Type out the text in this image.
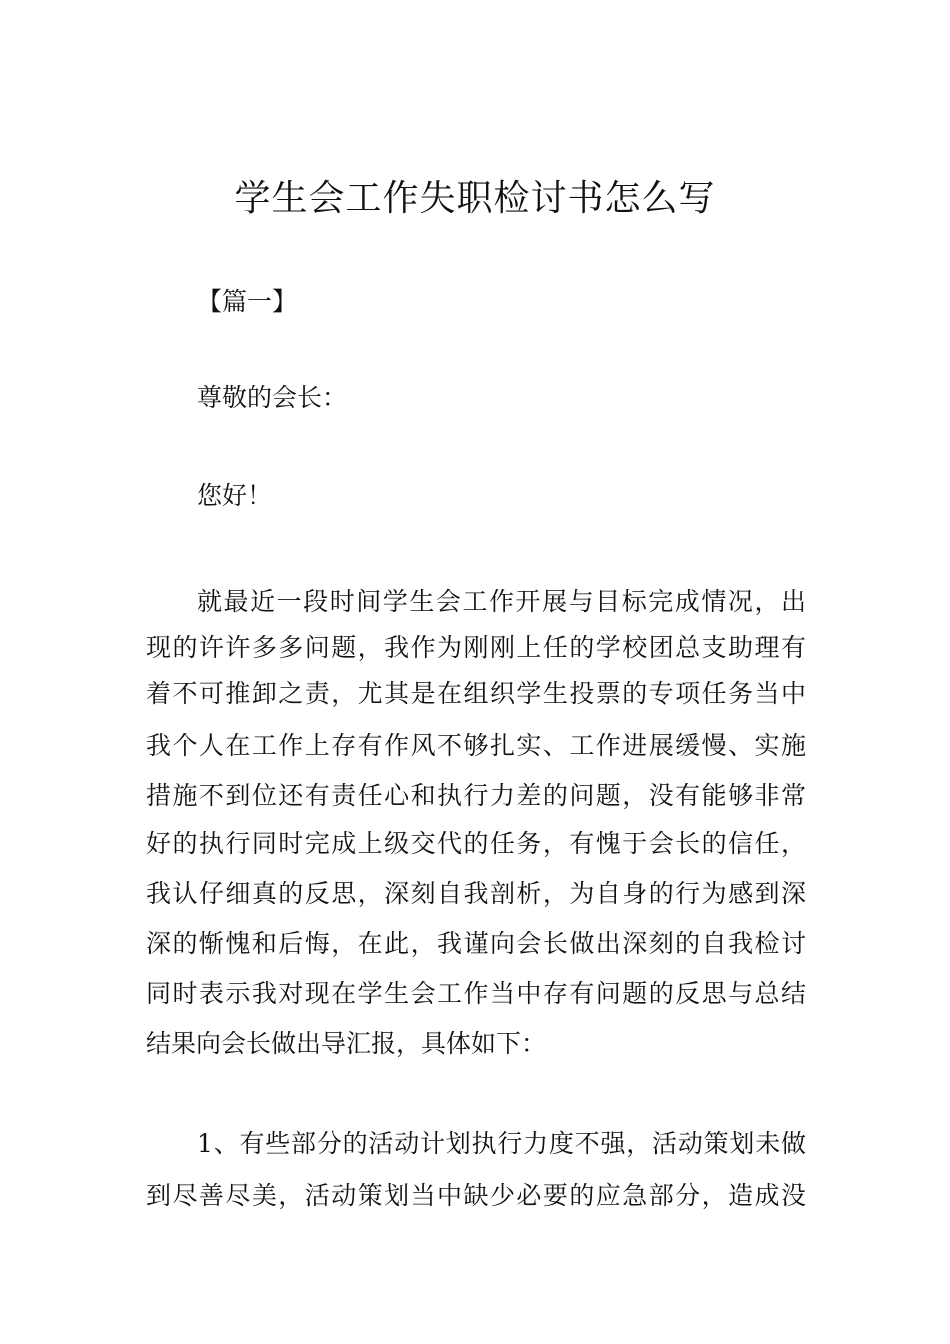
学生会工作失职检讨书怎么写

【篇一】

尊敬的会长：

您好！

就最近一段时间学生会工作开展与目标完成情况，出

现的许许多多问题，我作为刚刚上任的学校团总支助理有

着不可推卸之责，尤其是在组织学生投票的专项任务当中

我个人在工作上存有作风不够扎实、工作进展缓慢、实施

措施不到位还有责任心和执行力差的问题，没有能够非常

好的执行同时完成上级交代的任务，有愧于会长的信任，

我认仔细真的反思，深刻自我剖析，为自身的行为感到深

深的惭愧和后悔，在此，我谨向会长做出深刻的自我检讨

同时表示我对现在学生会工作当中存有问题的反思与总结

结果向会长做出导汇报，具体如下：

1、有些部分的活动计划执行力度不强，活动策划未做

到尽善尽美，活动策划当中缺少必要的应急部分，造成没
